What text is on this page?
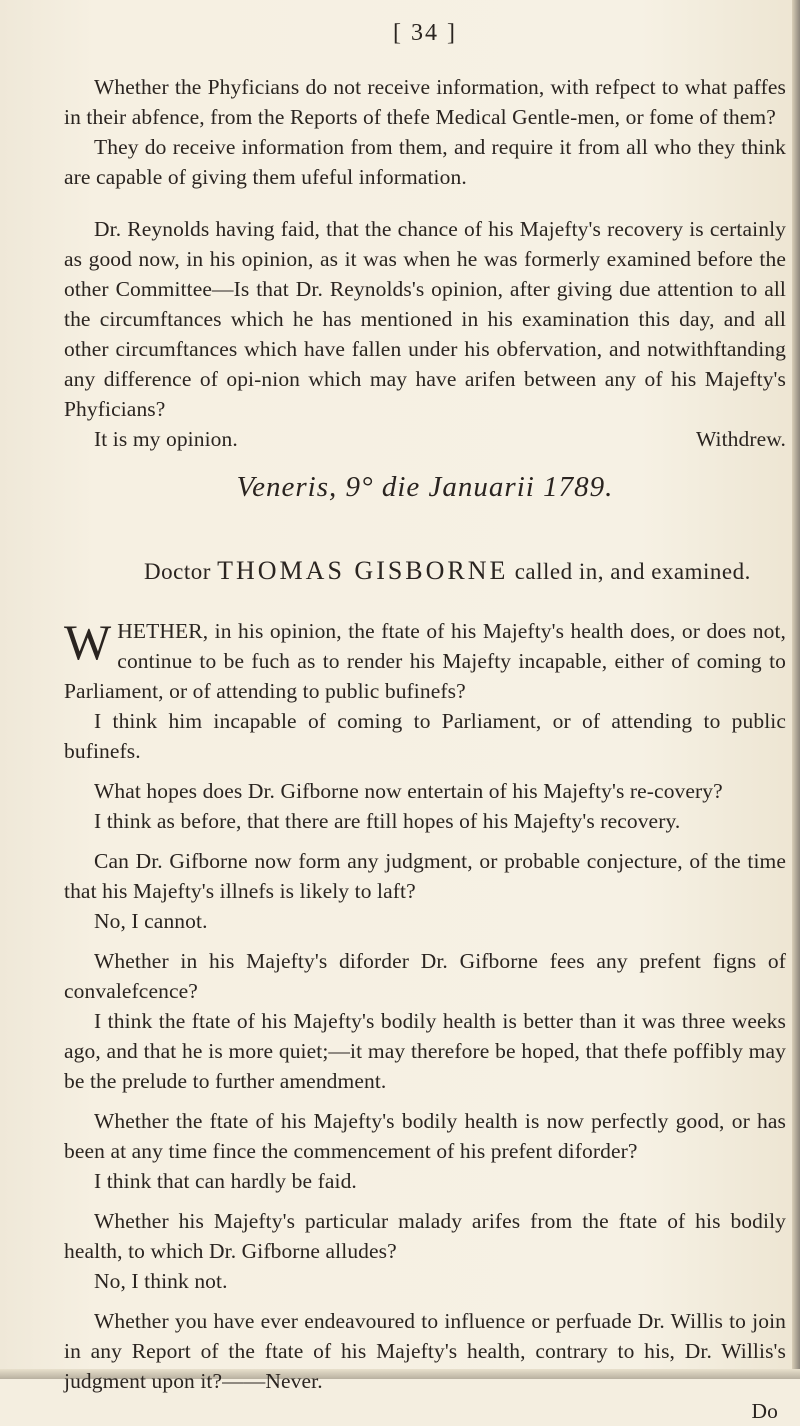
[ 34 ]

Whether the Phyficians do not receive information, with refpect to what paffes in their abfence, from the Reports of thefe Medical Gentle-men, or fome of them?

They do receive information from them, and require it from all who they think are capable of giving them ufeful information.

Dr. Reynolds having faid, that the chance of his Majefty's recovery is certainly as good now, in his opinion, as it was when he was formerly examined before the other Committee—Is that Dr. Reynolds's opinion, after giving due attention to all the circumftances which he has mentioned in his examination this day, and all other circumftances which have fallen under his obfervation, and notwithftanding any difference of opi-nion which may have arifen between any of his Majefty's Phyficians?

It is my opinion.	Withdrew.

Veneris, 9° die Januarii 1789.
Doctor THOMAS GISBORNE called in, and examined.

WHETHER, in his opinion, the ftate of his Majefty's health does, or does not, continue to be fuch as to render his Majefty incapable, either of coming to Parliament, or of attending to public bufinefs?

I think him incapable of coming to Parliament, or of attending to public bufinefs.

What hopes does Dr. Gifborne now entertain of his Majefty's re-covery?

I think as before, that there are ftill hopes of his Majefty's recovery.

Can Dr. Gifborne now form any judgment, or probable conjecture, of the time that his Majefty's illnefs is likely to laft?

No, I cannot.

Whether in his Majefty's diforder Dr. Gifborne fees any prefent figns of convalefcence?

I think the ftate of his Majefty's bodily health is better than it was three weeks ago, and that he is more quiet;—it may therefore be hoped, that thefe poffibly may be the prelude to further amendment.

Whether the ftate of his Majefty's bodily health is now perfectly good, or has been at any time fince the commencement of his prefent diforder?

I think that can hardly be faid.

Whether his Majefty's particular malady arifes from the ftate of his bodily health, to which Dr. Gifborne alludes?

No, I think not.

Whether you have ever endeavoured to influence or perfuade Dr. Willis to join in any Report of the ftate of his Majefty's health, contrary to his, Dr. Willis's judgment upon it?——Never.

Do
